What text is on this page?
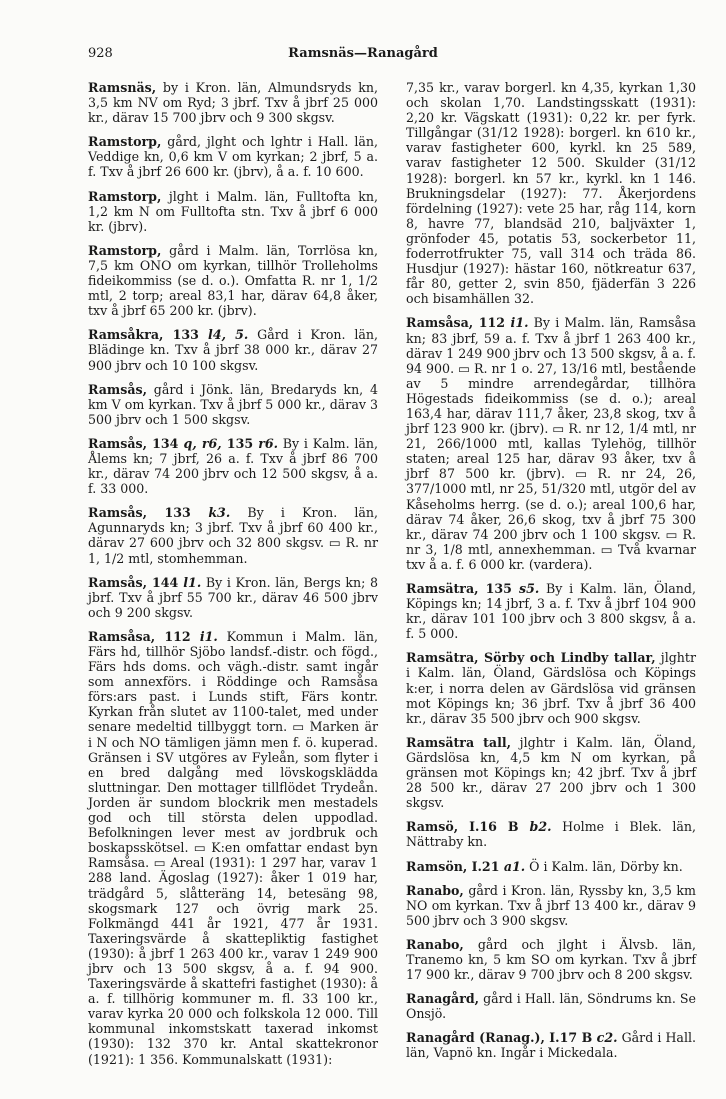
928	Ramsnäs—Ranagård

Ramsnäs, by i Kron. län, Almundsryds kn, 3,5 km NV om Ryd; 3 jbrf. Txv å jbrf 25 000 kr., därav 15 700 jbrv och 9 300 skgsv.

Ramstorp, gård, jlght och lghtr i Hall. län, Veddige kn, 0,6 km V om kyrkan; 2 jbrf, 5 a. f. Txv å jbrf 26 600 kr. (jbrv), å a. f. 10 600.

Ramstorp, jlght i Malm. län, Fulltofta kn, 1,2 km N om Fulltofta stn. Txv å jbrf 6 000 kr. (jbrv).

Ramstorp, gård i Malm. län, Torrlösa kn, 7,5 km ONO om kyrkan, tillhör Trolleholms fideikommiss (se d. o.). Omfatta R. nr 1, 1/2 mtl, 2 torp; areal 83,1 har, därav 64,8 åker, txv å jbrf 65 200 kr. (jbrv).

Ramsåkra, 133 l4, 5. Gård i Kron. län, Blädinge kn. Txv å jbrf 38 000 kr., därav 27 900 jbrv och 10 100 skgsv.

Ramsås, gård i Jönk. län, Bredaryds kn, 4 km V om kyrkan. Txv å jbrf 5 000 kr., därav 3 500 jbrv och 1 500 skgsv.

Ramsås, 134 q, r6, 135 r6. By i Kalm. län, Ålems kn; 7 jbrf, 26 a. f. Txv å jbrf 86 700 kr., därav 74 200 jbrv och 12 500 skgsv, å a. f. 33 000.

Ramsås, 133 k3. By i Kron. län, Agunnaryds kn; 3 jbrf. Txv å jbrf 60 400 kr., därav 27 600 jbrv och 32 800 skgsv. ▭ R. nr 1, 1/2 mtl, stomhemman.

Ramsås, 144 l1. By i Kron. län, Bergs kn; 8 jbrf. Txv å jbrf 55 700 kr., därav 46 500 jbrv och 9 200 skgsv.

Ramsåsa, 112 i1. Kommun i Malm. län, Färs hd, tillhör Sjöbo landsf.-distr. och fögd., Färs hds doms. och vägh.-distr. samt ingår som annexförs. i Röddinge och Ramsåsa förs:ars past. i Lunds stift, Färs kontr. Kyrkan från slutet av 1100-talet, med under senare medeltid tillbyggt torn. ▭ Marken är i N och NO tämligen jämn men f. ö. kuperad. Gränsen i SV utgöres av Fyleån, som flyter i en bred dalgång med lövskogsklädda sluttningar. Den mottager tillflödet Trydeån. Jorden är sundom blockrik men mestadels god och till största delen uppodlad. Befolkningen lever mest av jordbruk och boskapsskötsel. ▭ K:en omfattar endast byn Ramsåsa. ▭ Areal (1931): 1 297 har, varav 1 288 land. Ägoslag (1927): åker 1 019 har, trädgård 5, slåtteräng 14, betesäng 98, skogsmark 127 och övrig mark 25. Folkmängd 441 år 1921, 477 år 1931. Taxeringsvärde å skattepliktig fastighet (1930): å jbrf 1 263 400 kr., varav 1 249 900 jbrv och 13 500 skgsv, å a. f. 94 900. Taxeringsvärde å skattefri fastighet (1930): å a. f. tillhörig kommuner m. fl. 33 100 kr., varav kyrka 20 000 och folkskola 12 000. Till kommunal inkomstskatt taxerad inkomst (1930): 132 370 kr. Antal skattekronor (1921): 1 356. Kommunalskatt (1931):

7,35 kr., varav borgerl. kn 4,35, kyrkan 1,30 och skolan 1,70. Landstingsskatt (1931): 2,20 kr. Vägskatt (1931): 0,22 kr. per fyrk. Tillgångar (31/12 1928): borgerl. kn 610 kr., varav fastigheter 600, kyrkl. kn 25 589, varav fastigheter 12 500. Skulder (31/12 1928): borgerl. kn 57 kr., kyrkl. kn 1 146. Brukningsdelar (1927): 77. Åkerjordens fördelning (1927): vete 25 har, råg 114, korn 8, havre 77, blandsäd 210, baljväxter 1, grönfoder 45, potatis 53, sockerbetor 11, foderrotfrukter 75, vall 314 och träda 86. Husdjur (1927): hästar 160, nötkreatur 637, får 80, getter 2, svin 850, fjäderfän 3 226 och bisamhällen 32.

Ramsåsa, 112 i1. By i Malm. län, Ramsåsa kn; 83 jbrf, 59 a. f. Txv å jbrf 1 263 400 kr., därav 1 249 900 jbrv och 13 500 skgsv, å a. f. 94 900. ▭ R. nr 1 o. 27, 13/16 mtl, bestående av 5 mindre arrendegårdar, tillhöra Högestads fideikommiss (se d. o.); areal 163,4 har, därav 111,7 åker, 23,8 skog, txv å jbrf 123 900 kr. (jbrv). ▭ R. nr 12, 1/4 mtl, nr 21, 266/1000 mtl, kallas Tylehög, tillhör staten; areal 125 har, därav 93 åker, txv å jbrf 87 500 kr. (jbrv). ▭ R. nr 24, 26, 377/1000 mtl, nr 25, 51/320 mtl, utgör del av Kåseholms herrg. (se d. o.); areal 100,6 har, därav 74 åker, 26,6 skog, txv å jbrf 75 300 kr., därav 74 200 jbrv och 1 100 skgsv. ▭ R. nr 3, 1/8 mtl, annexhemman. ▭ Två kvarnar txv å a. f. 6 000 kr. (vardera).

Ramsätra, 135 s5. By i Kalm. län, Öland, Köpings kn; 14 jbrf, 3 a. f. Txv å jbrf 104 900 kr., därav 101 100 jbrv och 3 800 skgsv, å a. f. 5 000.

Ramsätra, Sörby och Lindby tallar, jlghtr i Kalm. län, Öland, Gärdslösa och Köpings k:er, i norra delen av Gärdslösa vid gränsen mot Köpings kn; 36 jbrf. Txv å jbrf 36 400 kr., därav 35 500 jbrv och 900 skgsv.

Ramsätra tall, jlghtr i Kalm. län, Öland, Gärdslösa kn, 4,5 km N om kyrkan, på gränsen mot Köpings kn; 42 jbrf. Txv å jbrf 28 500 kr., därav 27 200 jbrv och 1 300 skgsv.

Ramsö, I.16 B b2. Holme i Blek. län, Nättraby kn.

Ramsön, I.21 a1. Ö i Kalm. län, Dörby kn.

Ranabo, gård i Kron. län, Ryssby kn, 3,5 km NO om kyrkan. Txv å jbrf 13 400 kr., därav 9 500 jbrv och 3 900 skgsv.

Ranabo, gård och jlght i Älvsb. län, Tranemo kn, 5 km SO om kyrkan. Txv å jbrf 17 900 kr., därav 9 700 jbrv och 8 200 skgsv.

Ranagård, gård i Hall. län, Söndrums kn. Se Onsjö.

Ranagård (Ranag.), I.17 B c2. Gård i Hall. län, Vapnö kn. Ingår i Mickedala.
